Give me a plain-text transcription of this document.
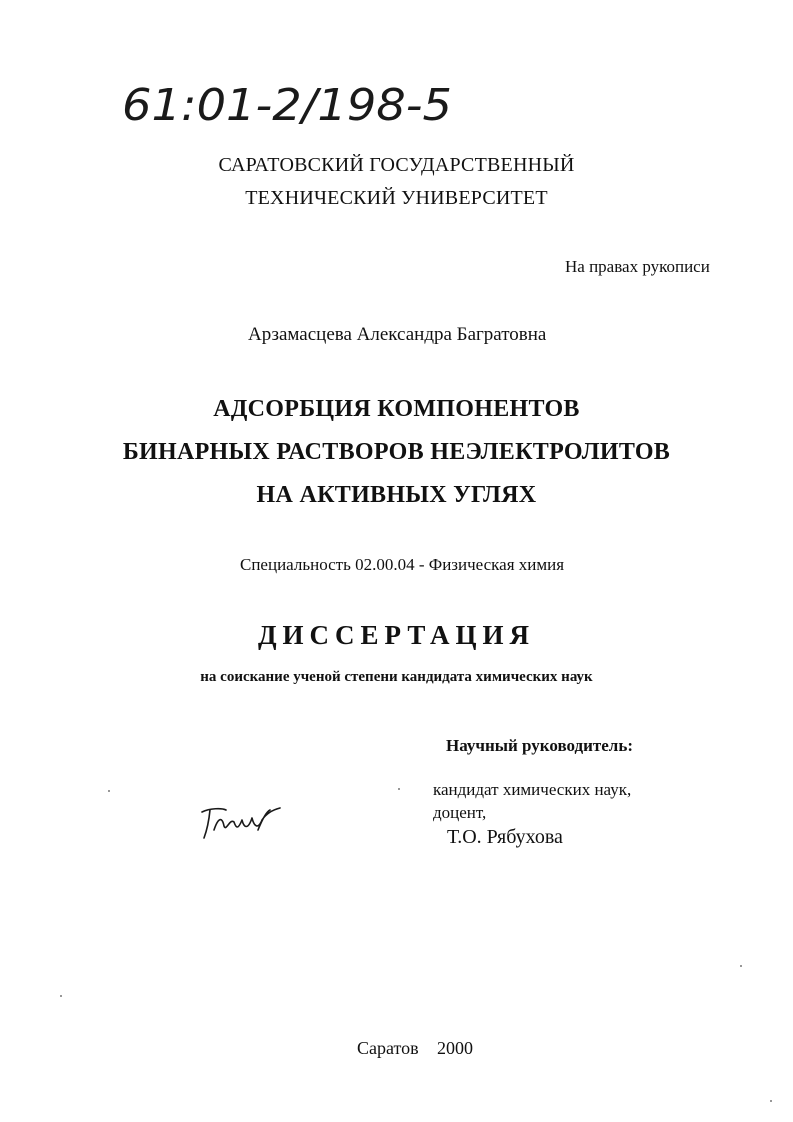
61:01-2/198-5
САРАТОВСКИЙ ГОСУДАРСТВЕННЫЙ
ТЕХНИЧЕСКИЙ УНИВЕРСИТЕТ
На правах рукописи
Арзамасцева Александра Багратовна
АДСОРБЦИЯ КОМПОНЕНТОВ
БИНАРНЫХ РАСТВОРОВ НЕЭЛЕКТРОЛИТОВ
НА АКТИВНЫХ УГЛЯХ
Специальность 02.00.04 - Физическая химия
ДИССЕРТАЦИЯ
на соискание ученой степени кандидата химических наук
Научный руководитель:
кандидат химических наук,
доцент,
Т.О. Рябухова
Саратов 2000
